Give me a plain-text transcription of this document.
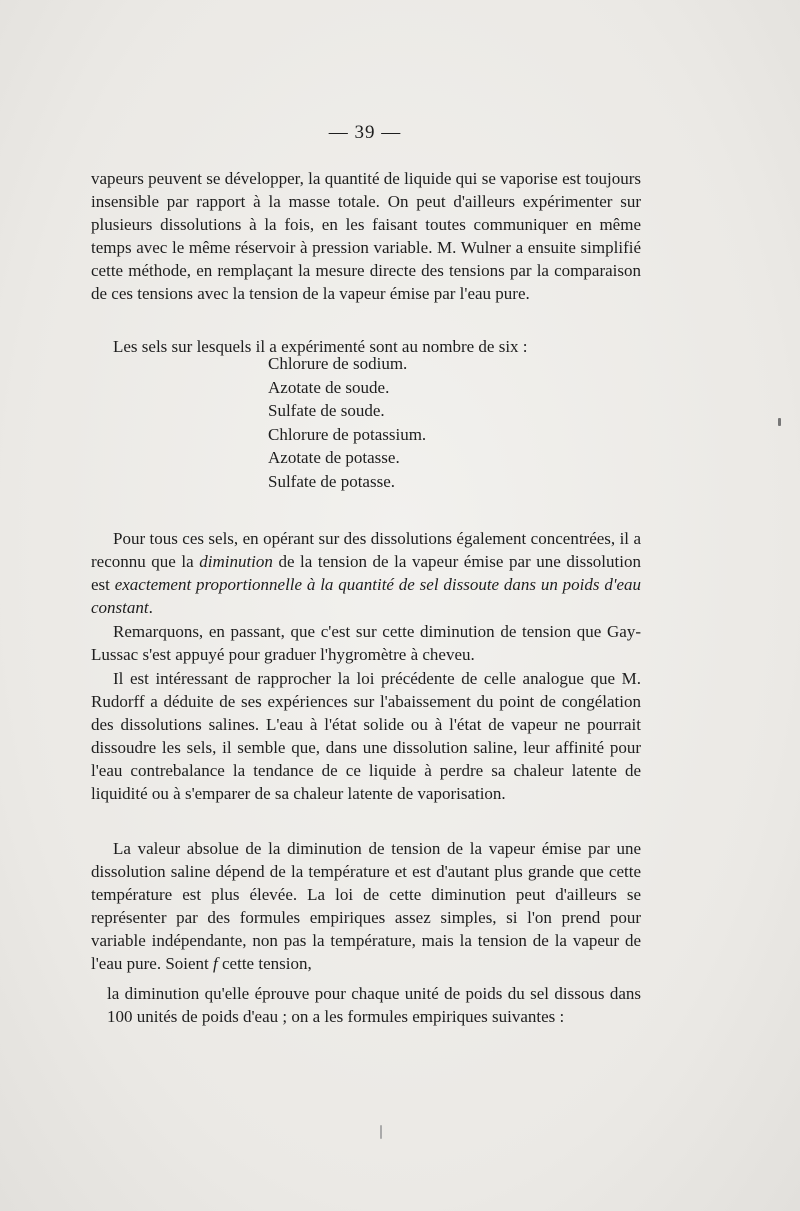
— 39 —

vapeurs peuvent se développer, la quantité de liquide qui se vaporise est toujours insensible par rapport à la masse totale. On peut d'ailleurs expérimenter sur plusieurs dissolutions à la fois, en les faisant toutes communiquer en même temps avec le même réservoir à pression variable. M. Wulner a ensuite simplifié cette méthode, en remplaçant la mesure directe des tensions par la comparaison de ces tensions avec la tension de la vapeur émise par l'eau pure.

Les sels sur lesquels il a expérimenté sont au nombre de six :

Chlorure de sodium.
Azotate de soude.
Sulfate de soude.
Chlorure de potassium.
Azotate de potasse.
Sulfate de potasse.

Pour tous ces sels, en opérant sur des dissolutions également concentrées, il a reconnu que la diminution de la tension de la vapeur émise par une dissolution est exactement proportionnelle à la quantité de sel dissoute dans un poids d'eau constant.

Remarquons, en passant, que c'est sur cette diminution de tension que Gay-Lussac s'est appuyé pour graduer l'hygromètre à cheveu.

Il est intéressant de rapprocher la loi précédente de celle analogue que M. Rudorff a déduite de ses expériences sur l'abaissement du point de congélation des dissolutions salines. L'eau à l'état solide ou à l'état de vapeur ne pourrait dissoudre les sels, il semble que, dans une dissolution saline, leur affinité pour l'eau contrebalance la tendance de ce liquide à perdre sa chaleur latente de liquidité ou à s'emparer de sa chaleur latente de vaporisation.

La valeur absolue de la diminution de tension de la vapeur émise par une dissolution saline dépend de la température et est d'autant plus grande que cette température est plus élevée. La loi de cette diminution peut d'ailleurs se représenter par des formules empiriques assez simples, si l'on prend pour variable indépendante, non pas la température, mais la tension de la vapeur de l'eau pure. Soient f cette tension,

la diminution qu'elle éprouve pour chaque unité de poids du sel dissous dans 100 unités de poids d'eau ; on a les formules empiriques suivantes :
